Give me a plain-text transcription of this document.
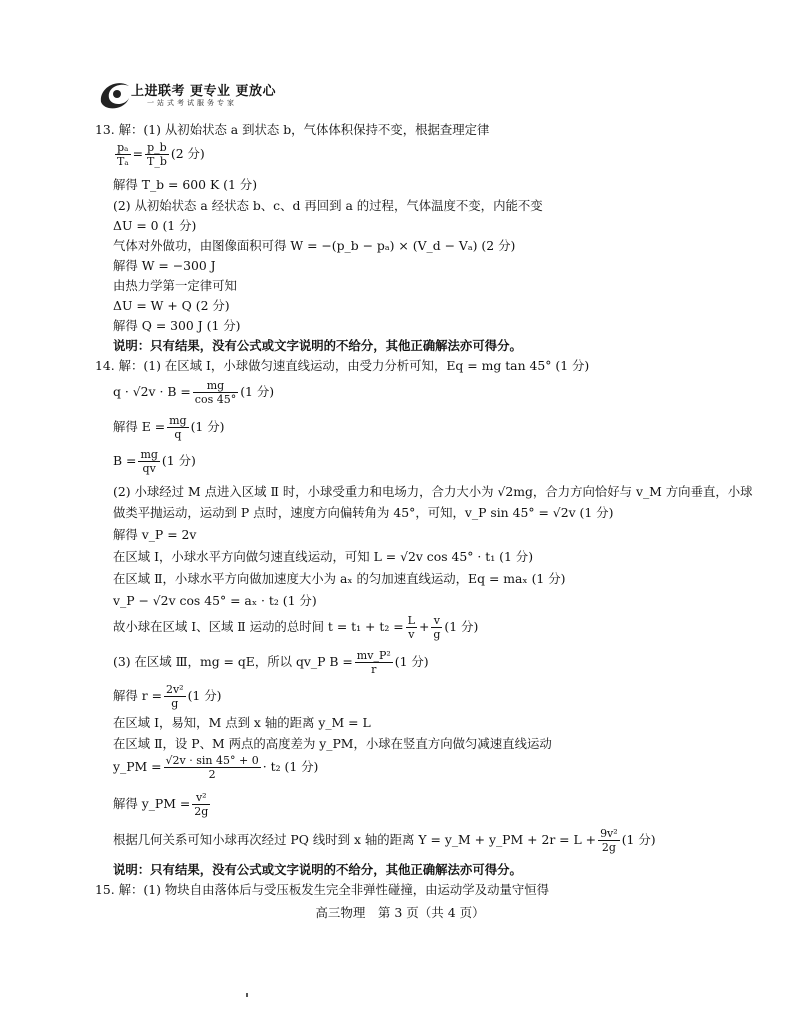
上进联考 更专业 更放心
一站式考试服务专家
13. 解：(1) 从初始状态 a 到状态 b，气体体积保持不变，根据查理定律
$\frac{\text{pₐ}}{\text{Tₐ}} = \frac{p\_b}{T\_b} (2$ 分)
解得 T_b = 600 K (1 分)
(2) 从初始状态 a 经状态 b、c、d 再回到 a 的过程，气体温度不变，内能不变
ΔU = 0 (1 分)
气体对外做功，由图像面积可得 W = −(p_b − pₐ) × (V_d − Vₐ) (2 分)
解得 W = −300 J
由热力学第一定律可知
ΔU = W + Q (2 分)
解得 Q = 300 J (1 分)
说明：只有结果，没有公式或文字说明的不给分，其他正确解法亦可得分。
14. 解：(1) 在区域 Ⅰ，小球做匀速直线运动，由受力分析可知，Eq = mg tan 45° (1 分)
$q \cdot √2v \cdot B = \frac{mg}{\cos 45^\circ} (1$ 分)
解得 $E = \frac{mg}{q} (1$ 分)
$B = \frac{mg}{qv} (1$ 分)
(2) 小球经过 M 点进入区域 Ⅱ 时，小球受重力和电场力，合力大小为 √2mg，合力方向恰好与 v_M 方向垂直，小球
做类平抛运动，运动到 P 点时，速度方向偏转角为 45°，可知，v_P sin 45° = √2v (1 分)
解得 v_P = 2v
在区域 Ⅰ，小球水平方向做匀速直线运动，可知 L = √2v cos 45° · t₁ (1 分)
在区域 Ⅱ，小球水平方向做加速度大小为 aₓ 的匀加速直线运动，Eq = maₓ (1 分)
v_P − √2v cos 45° = aₓ · t₂ (1 分)
故小球在区域 Ⅰ、区域 Ⅱ 运动的总时间 $t = t_1 + t_2 = \frac{L}{v} + \frac{v}{g} (1$ 分)
(3) 在区域 Ⅲ，mg = qE，所以 qv_P $B = \frac{\text{mv\_P²}}{r} (1$ 分)
解得 $r = \frac{\text{2v²}}{g} (1$ 分)
在区域 Ⅰ，易知，M 点到 x 轴的距离 y_M = L
在区域 Ⅱ，设 P、M 两点的高度差为 y_PM，小球在竖直方向做匀减速直线运动
y_PM = $\frac{√2v \cdot \sin 45^\circ + 0}{2} \cdot t_2$ (1 分)
解得 y_PM = $\frac{\text{v²}}{2g}$
根据几何关系可知小球再次经过 PQ 线时到 x 轴的距离 Y = y_M + y_PM + $2r = L + \frac{\text{9v²}}{2g} (1$ 分)
说明：只有结果，没有公式或文字说明的不给分，其他正确解法亦可得分。
15. 解：(1) 物块自由落体后与受压板发生完全非弹性碰撞，由运动学及动量守恒得
高三物理　第 3 页（共 4 页）
